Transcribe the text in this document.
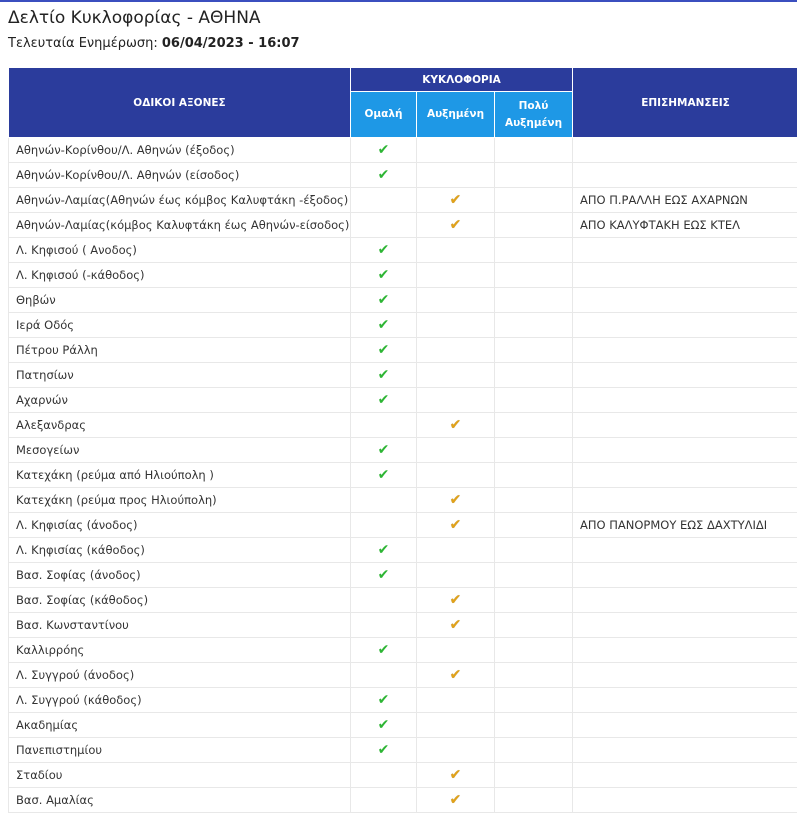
Δελτίο Κυκλοφορίας - ΑΘΗΝΑ
Τελευταία Ενημέρωση: 06/04/2023 - 16:07
ΟΔΙΚΟΙ ΑΞΟΝΕΣ	ΚΥΚΛΟΦΟΡΙΑ			ΕΠΙΣΗΜΑΝΣΕΙΣ
	Ομαλή	Αυξημένη	Πολύ
Αυξημένη	
Αθηνών-Κορίνθου/Λ. Αθηνών (έξοδος)	✔			
Αθηνών-Κορίνθου/Λ. Αθηνών (είσοδος)	✔			
Αθηνών-Λαμίας(Αθηνών έως κόμβος Καλυφτάκη -έξοδος)		✔		ΑΠΟ Π.ΡΑΛΛΗ ΕΩΣ ΑΧΑΡΝΩΝ
Αθηνών-Λαμίας(κόμβος Καλυφτάκη έως Αθηνών-είσοδος)		✔		ΑΠΟ ΚΑΛΥΦΤΑΚΗ ΕΩΣ ΚΤΕΛ
Λ. Κηφισού ( Ανοδος)	✔			
Λ. Κηφισού (-κάθοδος)	✔			
Θηβών	✔			
Ιερά Οδός	✔			
Πέτρου Ράλλη	✔			
Πατησίων	✔			
Αχαρνών	✔			
Αλεξανδρας		✔		
Μεσογείων	✔			
Κατεχάκη (ρεύμα από Ηλιούπολη )	✔			
Κατεχάκη (ρεύμα προς Ηλιούπολη)		✔		
Λ. Κηφισίας (άνοδος)		✔		ΑΠΟ ΠΑΝΟΡΜΟΥ ΕΩΣ ΔΑΧΤΥΛΙΔΙ
Λ. Κηφισίας (κάθοδος)	✔			
Βασ. Σοφίας (άνοδος)	✔			
Βασ. Σοφίας (κάθοδος)		✔		
Βασ. Κωνσταντίνου		✔		
Καλλιρρόης	✔			
Λ. Συγγρού (άνοδος)		✔		
Λ. Συγγρού (κάθοδος)	✔			
Ακαδημίας	✔			
Πανεπιστημίου	✔			
Σταδίου		✔		
Βασ. Αμαλίας		✔		
